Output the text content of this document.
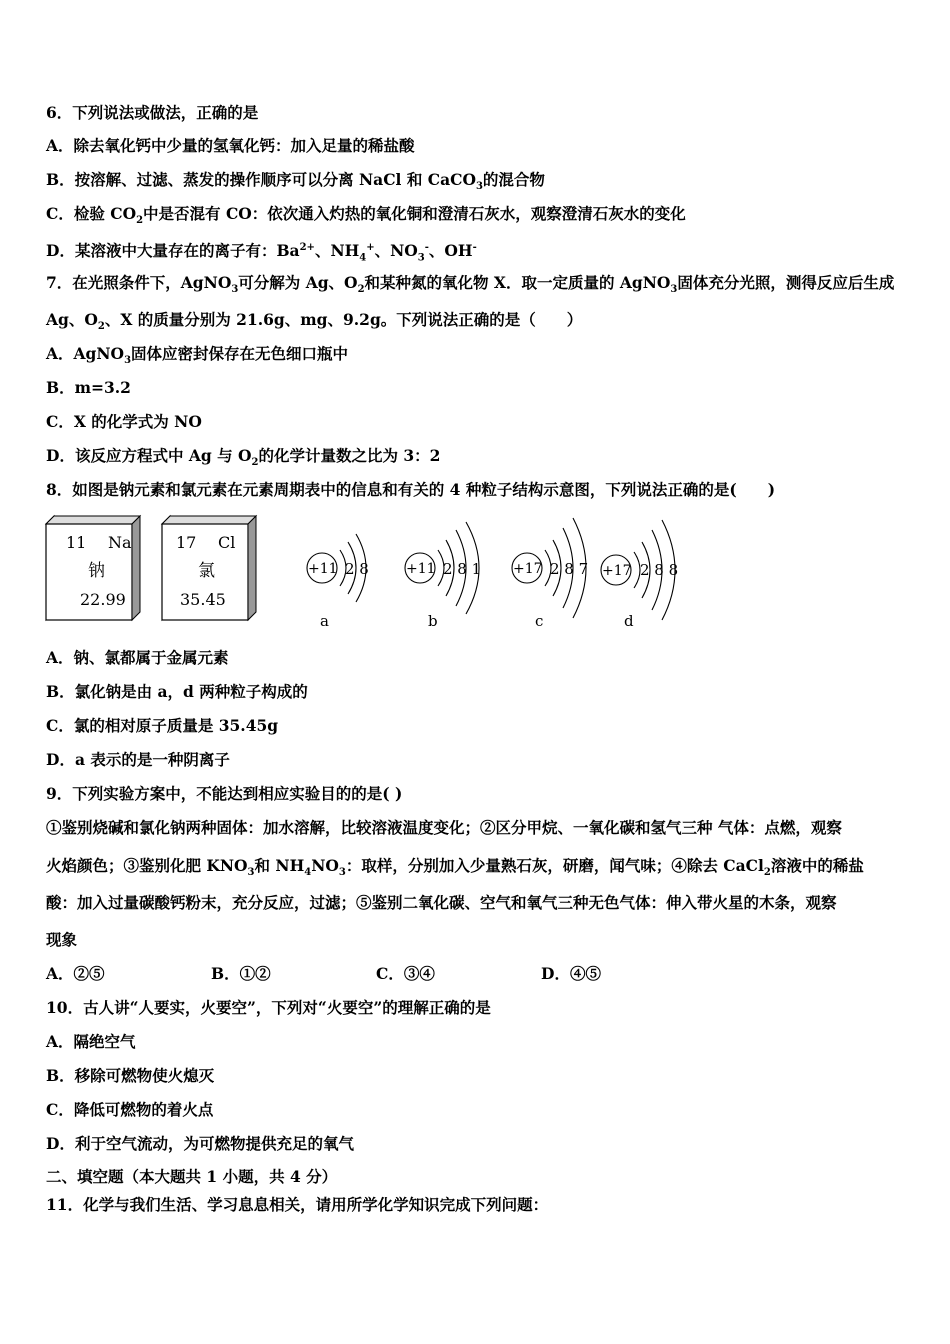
6．下列说法或做法，正确的是
A．除去氧化钙中少量的氢氧化钙：加入足量的稀盐酸
B．按溶解、过滤、蒸发的操作顺序可以分离 NaCl 和 CaCO$_3$的混合物
C．检验 $CO_2$中是否混有 CO：依次通入灼热的氧化铜和澄清石灰水，观察澄清石灰水的变化
D．某溶液中大量存在的离子有：$Ba^{2+}$、$NH_4^+$、$NO_3^-$、OH-
7．在光照条件下，AgNO$_3$可分解为 Ag、$O_2$和某种氮的氧化物 X．取一定质量的 AgNO$_3$固体充分光照，测得反应后生成
Ag、$O_2$、X 的质量分别为 21.6g、mg、9.2g。下列说法正确的是（　　）
A．AgNO$_3$固体应密封保存在无色细口瓶中
B．m=3.2
C．X 的化学式为 NO
D．该反应方程式中 Ag 与 $O_2$的化学计量数之比为 3：2
8．如图是钠元素和氯元素在元素周期表中的信息和有关的 4 种粒子结构示意图，下列说法正确的是(　　)
11 Na
钠
22.99
17 Cl
氯
35.45
+11 2 8
a
+11 2 8 1
b
+17 2 8 7
c
+17 2 8 8
d
A．钠、氯都属于金属元素
B．氯化钠是由 a，d 两种粒子构成的
C．氯的相对原子质量是 35.45g
D．a 表示的是一种阴离子
9．下列实验方案中，不能达到相应实验目的的是( )
①鉴别烧碱和氯化钠两种固体：加水溶解，比较溶液温度变化；②区分甲烷、一氧化碳和氢气三种 气体：点燃，观察
火焰颜色；③鉴别化肥 $KNO_3$和 $NH_4NO_3$：取样，分别加入少量熟石灰，研磨，闻气味；④除去 CaCl$_2$溶液中的稀盐
酸：加入过量碳酸钙粉末，充分反应，过滤；⑤鉴别二氧化碳、空气和氧气三种无色气体：伸入带火星的木条，观察
现象
A．②⑤	B．①②	C．③④	D．④⑤
10．古人讲“人要实，火要空”，下列对“火要空”的理解正确的是
A．隔绝空气
B．移除可燃物使火熄灭
C．降低可燃物的着火点
D．利于空气流动，为可燃物提供充足的氧气
二、填空题（本大题共 1 小题，共 4 分）
11．化学与我们生活、学习息息相关，请用所学化学知识完成下列问题：
